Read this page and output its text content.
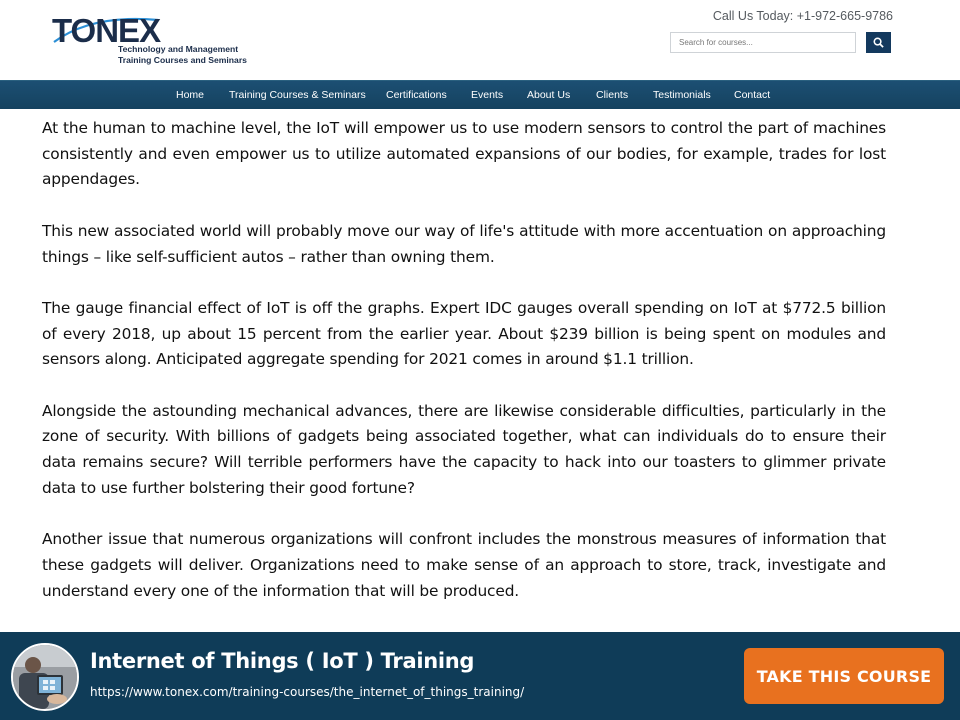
TONEX
Technology and Management
Training Courses and Seminars
Call Us Today: +1-972-665-9786
Search for courses...
Home Training Courses & Seminars Certifications Events About Us Clients Testimonials Contact

At the human to machine level, the IoT will empower us to use modern sensors to control the part of machines consistently and even empower us to utilize automated expansions of our bodies, for example, trades for lost appendages.

This new associated world will probably move our way of life's attitude with more accentuation on approaching things – like self-sufficient autos – rather than owning them.

The gauge financial effect of IoT is off the graphs. Expert IDC gauges overall spending on IoT at $772.5 billion of every 2018, up about 15 percent from the earlier year. About $239 billion is being spent on modules and sensors along. Anticipated aggregate spending for 2021 comes in around $1.1 trillion.

Alongside the astounding mechanical advances, there are likewise considerable difficulties, particularly in the zone of security. With billions of gadgets being associated together, what can individuals do to ensure their data remains secure? Will terrible performers have the capacity to hack into our toasters to glimmer private data to use further bolstering their good fortune?

Another issue that numerous organizations will confront includes the monstrous measures of information that these gadgets will deliver. Organizations need to make sense of an approach to store, track, investigate and understand every one of the information that will be produced.

Internet of Things ( IoT ) Training
https://www.tonex.com/training-courses/the_internet_of_things_training/
TAKE THIS COURSE
